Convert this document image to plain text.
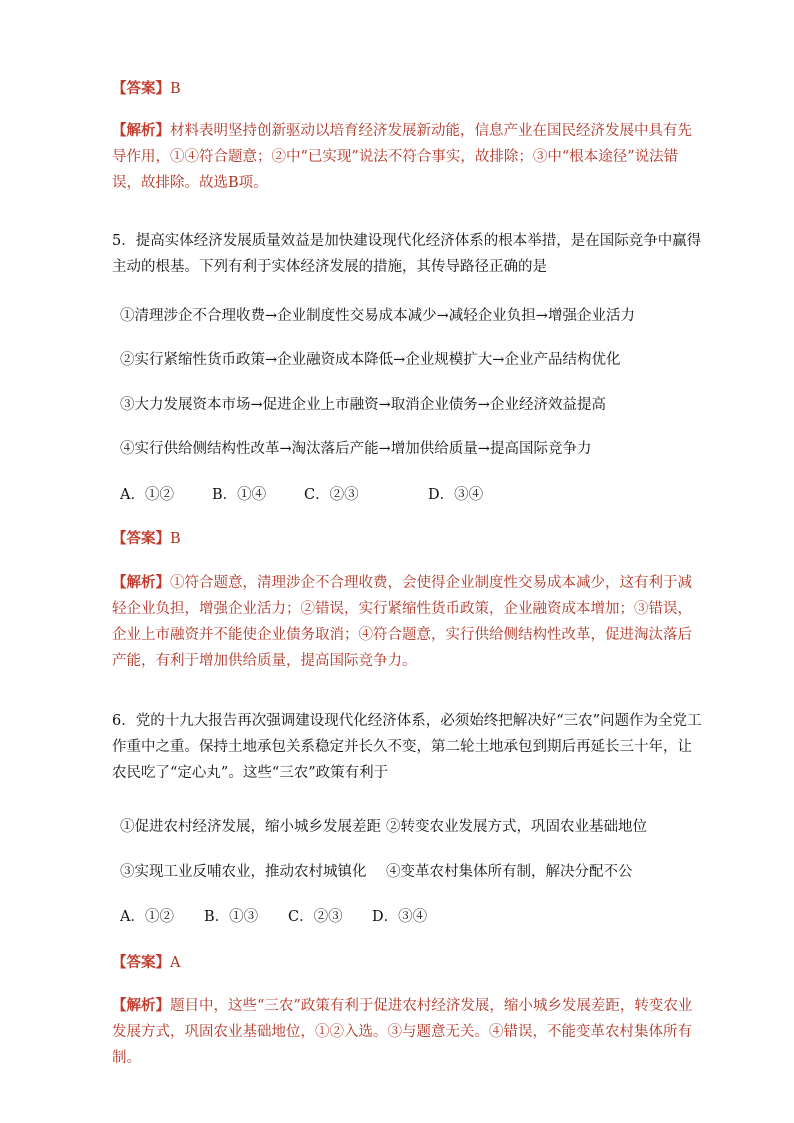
【答案】B
【解析】材料表明坚持创新驱动以培育经济发展新动能，信息产业在国民经济发展中具有先导作用，①④符合题意；②中“已实现”说法不符合事实，故排除；③中“根本途径”说法错误，故排除。故选B项。
5．提高实体经济发展质量效益是加快建设现代化经济体系的根本举措，是在国际竞争中赢得主动的根基。下列有利于实体经济发展的措施，其传导路径正确的是
①清理涉企不合理收费→企业制度性交易成本减少→减轻企业负担→增强企业活力
②实行紧缩性货币政策→企业融资成本降低→企业规模扩大→企业产品结构优化
③大力发展资本市场→促进企业上市融资→取消企业债务→企业经济效益提高
④实行供给侧结构性改革→淘汰落后产能→增加供给质量→提高国际竞争力
A．①②	B．①④	C．②③	D．③④
【答案】B
【解析】①符合题意，清理涉企不合理收费，会使得企业制度性交易成本减少，这有利于减轻企业负担，增强企业活力；②错误，实行紧缩性货币政策，企业融资成本增加；③错误，企业上市融资并不能使企业债务取消；④符合题意，实行供给侧结构性改革，促进淘汰落后产能，有利于增加供给质量，提高国际竞争力。
6．党的十九大报告再次强调建设现代化经济体系，必须始终把解决好“三农”问题作为全党工作重中之重。保持土地承包关系稳定并长久不变，第二轮土地承包到期后再延长三十年，让农民吃了“定心丸”。这些“三农”政策有利于
①促进农村经济发展，缩小城乡发展差距 ②转变农业发展方式，巩固农业基础地位
③实现工业反哺农业，推动农村城镇化 ④变革农村集体所有制，解决分配不公
A．①②	B．①③	C．②③	D．③④
【答案】A
【解析】题目中，这些“三农”政策有利于促进农村经济发展，缩小城乡发展差距，转变农业发展方式，巩固农业基础地位，①②入选。③与题意无关。④错误，不能变革农村集体所有制。
